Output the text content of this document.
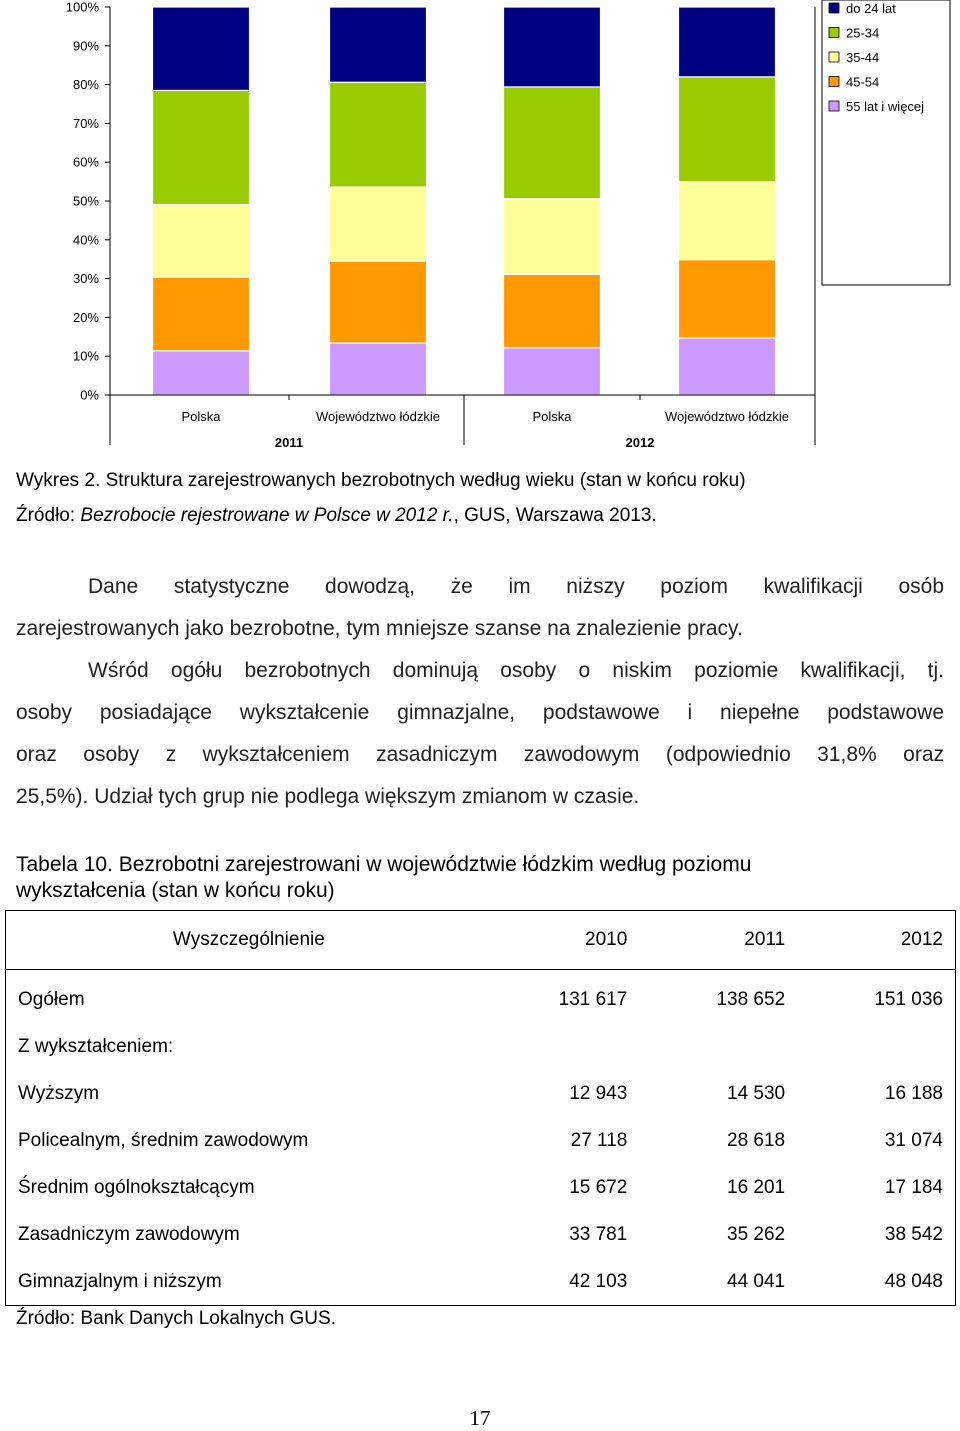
0%
10%
20%
30%
40%
50%
60%
70%
80%
90%
100%
Polska	Województwo łódzkie	Polska	Województwo łódzkie
2011	2012
do 24 lat
25-34
35-44
45-54
55 lat i więcej
Wykres 2. Struktura zarejestrowanych bezrobotnych według wieku (stan w końcu roku)
Źródło: Bezrobocie rejestrowane w Polsce w 2012 r., GUS, Warszawa 2013.
Dane statystyczne dowodzą, że im niższy poziom kwalifikacji osób
zarejestrowanych jako bezrobotne, tym mniejsze szanse na znalezienie pracy.
Wśród ogółu bezrobotnych dominują osoby o niskim poziomie kwalifikacji, tj.
osoby posiadające wykształcenie gimnazjalne, podstawowe i niepełne podstawowe
oraz osoby z wykształceniem zasadniczym zawodowym (odpowiednio 31,8% oraz
25,5%). Udział tych grup nie podlega większym zmianom w czasie.
Tabela 10. Bezrobotni zarejestrowani w województwie łódzkim według poziomu
wykształcenia (stan w końcu roku)
Wyszczególnienie	2010	2011	2012
Ogółem	131 617	138 652	151 036
Z wykształceniem:			
Wyższym	12 943	14 530	16 188
Policealnym, średnim zawodowym	27 118	28 618	31 074
Średnim ogólnokształcącym	15 672	16 201	17 184
Zasadniczym zawodowym	33 781	35 262	38 542
Gimnazjalnym i niższym	42 103	44 041	48 048
Źródło: Bank Danych Lokalnych GUS.
17
